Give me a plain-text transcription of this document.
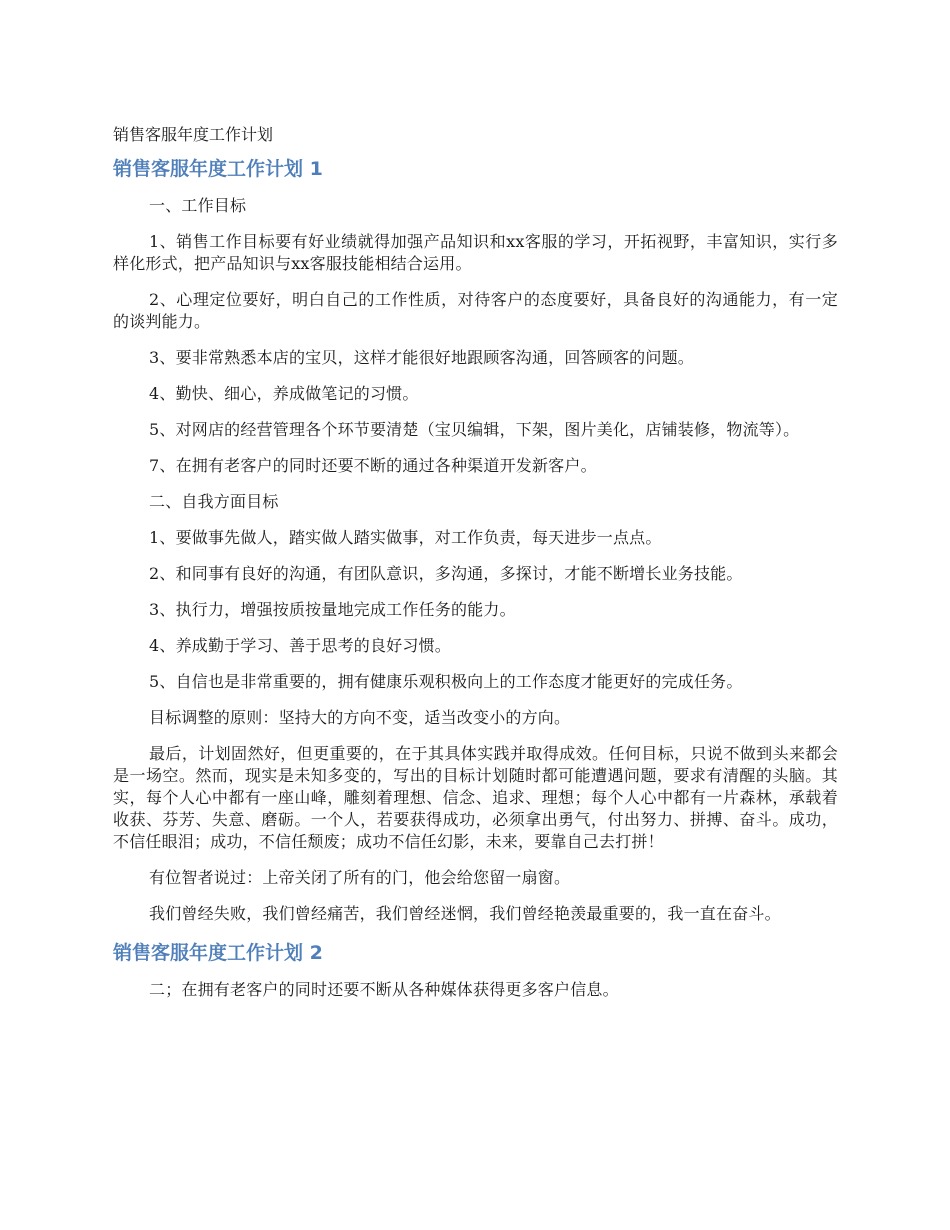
销售客服年度工作计划
销售客服年度工作计划 1

一、工作目标

1、销售工作目标要有好业绩就得加强产品知识和xx客服的学习，开拓视野，丰富知识，实行多样化形式，把产品知识与xx客服技能相结合运用。

2、心理定位要好，明白自己的工作性质，对待客户的态度要好，具备良好的沟通能力，有一定的谈判能力。

3、要非常熟悉本店的宝贝，这样才能很好地跟顾客沟通，回答顾客的问题。

4、勤快、细心，养成做笔记的习惯。

5、对网店的经营管理各个环节要清楚（宝贝编辑，下架，图片美化，店铺装修，物流等）。

7、在拥有老客户的同时还要不断的通过各种渠道开发新客户。

二、自我方面目标

1、要做事先做人，踏实做人踏实做事，对工作负责，每天进步一点点。

2、和同事有良好的沟通，有团队意识，多沟通，多探讨，才能不断增长业务技能。

3、执行力，增强按质按量地完成工作任务的能力。

4、养成勤于学习、善于思考的良好习惯。

5、自信也是非常重要的，拥有健康乐观积极向上的工作态度才能更好的完成任务。

目标调整的原则：坚持大的方向不变，适当改变小的方向。

最后，计划固然好，但更重要的，在于其具体实践并取得成效。任何目标，只说不做到头来都会是一场空。然而，现实是未知多变的，写出的目标计划随时都可能遭遇问题，要求有清醒的头脑。其实，每个人心中都有一座山峰，雕刻着理想、信念、追求、理想；每个人心中都有一片森林，承载着收获、芬芳、失意、磨砺。一个人，若要获得成功，必须拿出勇气，付出努力、拼搏、奋斗。成功，不信任眼泪；成功，不信任颓废；成功不信任幻影，未来，要靠自己去打拼！

有位智者说过：上帝关闭了所有的门，他会给您留一扇窗。

我们曾经失败，我们曾经痛苦，我们曾经迷惘，我们曾经艳羡最重要的，我一直在奋斗。

销售客服年度工作计划 2

二；在拥有老客户的同时还要不断从各种媒体获得更多客户信息。
